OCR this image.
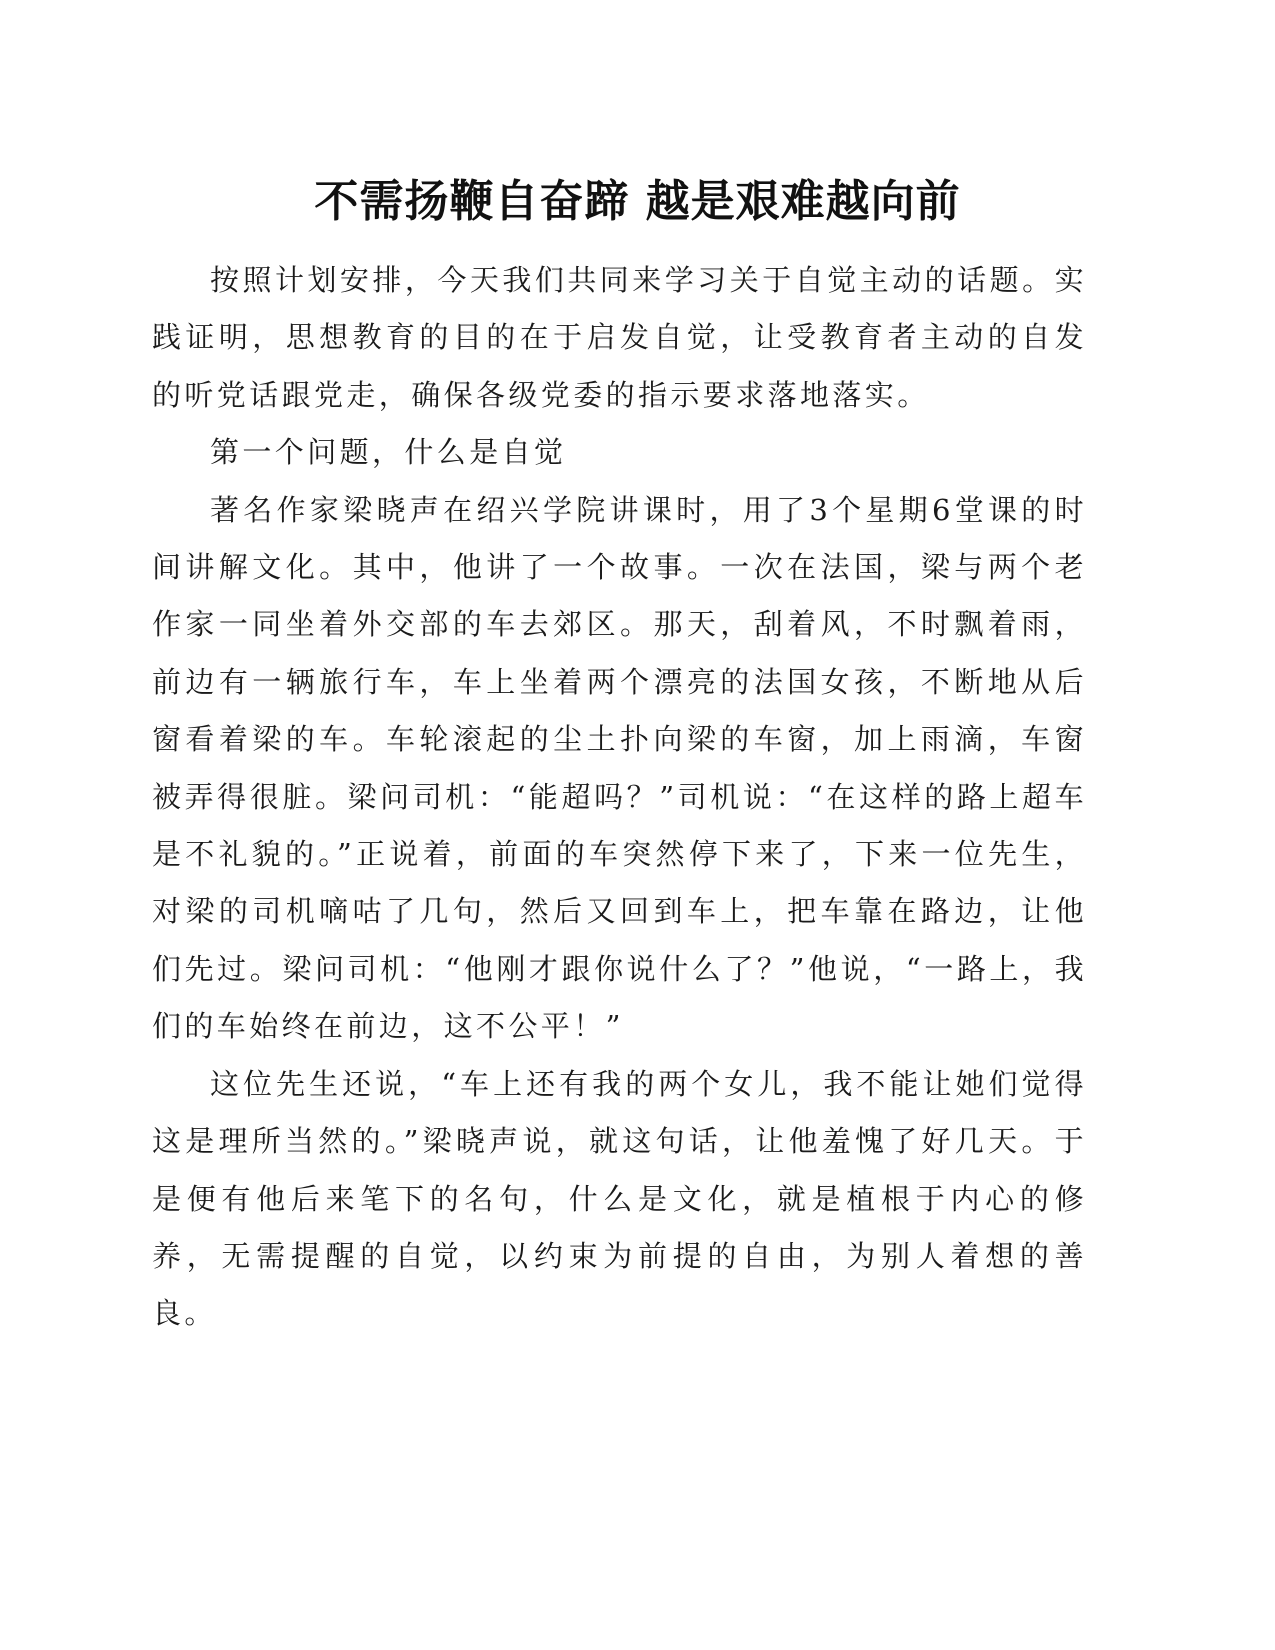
不需扬鞭自奋蹄 越是艰难越向前

按照计划安排，今天我们共同来学习关于自觉主动的话题。实践证明，思想教育的目的在于启发自觉，让受教育者主动的自发的听党话跟党走，确保各级党委的指示要求落地落实。

第一个问题，什么是自觉

著名作家梁晓声在绍兴学院讲课时，用了3个星期6堂课的时间讲解文化。其中，他讲了一个故事。一次在法国，梁与两个老作家一同坐着外交部的车去郊区。那天，刮着风，不时飘着雨，前边有一辆旅行车，车上坐着两个漂亮的法国女孩，不断地从后窗看着梁的车。车轮滚起的尘土扑向梁的车窗，加上雨滴，车窗被弄得很脏。梁问司机：“能超吗？”司机说：“在这样的路上超车是不礼貌的。”正说着，前面的车突然停下来了，下来一位先生，对梁的司机嘀咕了几句，然后又回到车上，把车靠在路边，让他们先过。梁问司机：“他刚才跟你说什么了？”他说，“一路上，我们的车始终在前边，这不公平！”

这位先生还说，“车上还有我的两个女儿，我不能让她们觉得这是理所当然的。”梁晓声说，就这句话，让他羞愧了好几天。于是便有他后来笔下的名句，什么是文化，就是植根于内心的修养，无需提醒的自觉，以约束为前提的自由，为别人着想的善良。
